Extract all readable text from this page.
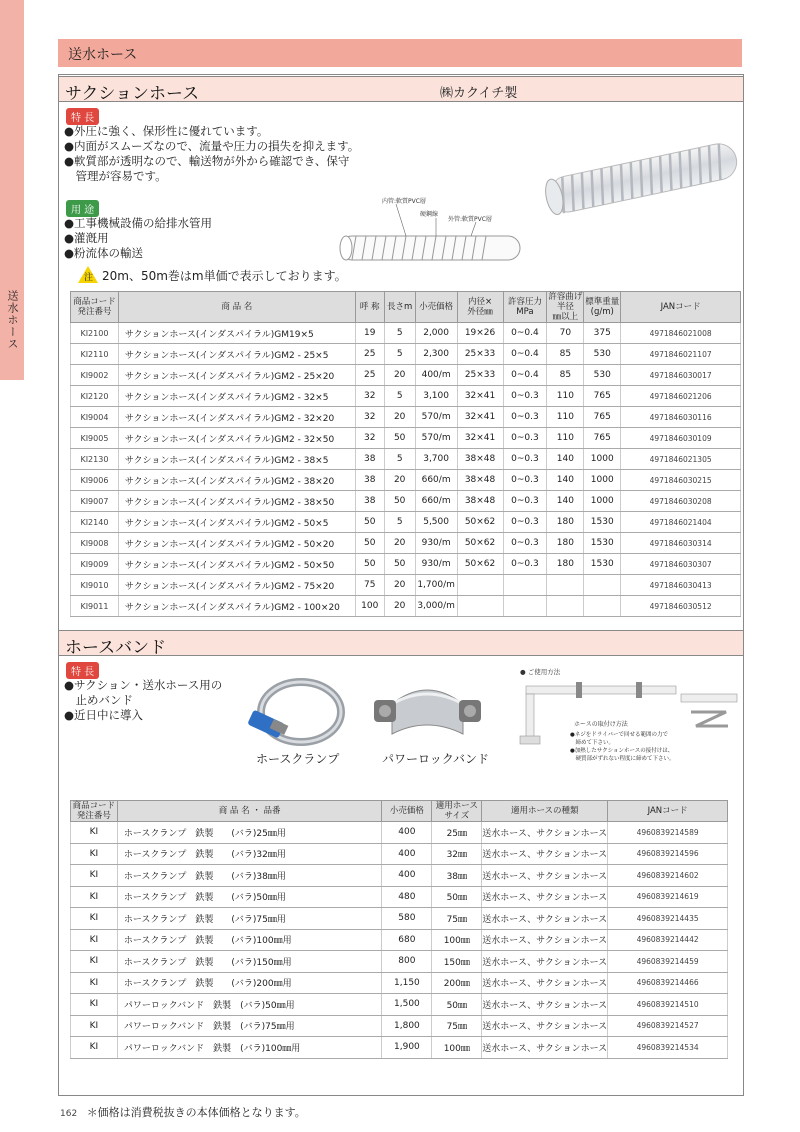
送水ホース
送水ホース
サクションホース	㈱カクイチ製
特 長
●外圧に強く、保形性に優れています。
●内面がスムーズなので、流量や圧力の損失を抑えます。
●軟質部が透明なので、輸送物が外から確認でき、保守
　管理が容易です。
用 途
●工事機械設備の給排水管用
●灌漑用
●粉流体の輸送
注 20m、50m巻はm単価で表示しております。
内管:軟質PVC層
硬鋼線
外管:軟質PVC層
商品コード
発注番号	商 品 名	呼 称	長さm	小売価格	内径×
外径㎜	許容圧力
MPa	許容曲げ半径
㎜以上	標準重量
(g/m)	JANコード
KI2100	サクションホース(インダスパイラル)GM19×5	19	5	2,000	19×26	0~0.4	70	375	4971846021008
KI2110	サクションホース(インダスパイラル)GM2 - 25×5	25	5	2,300	25×33	0~0.4	85	530	4971846021107
KI9002	サクションホース(インダスパイラル)GM2 - 25×20	25	20	400/m	25×33	0~0.4	85	530	4971846030017
KI2120	サクションホース(インダスパイラル)GM2 - 32×5	32	5	3,100	32×41	0~0.3	110	765	4971846021206
KI9004	サクションホース(インダスパイラル)GM2 - 32×20	32	20	570/m	32×41	0~0.3	110	765	4971846030116
KI9005	サクションホース(インダスパイラル)GM2 - 32×50	32	50	570/m	32×41	0~0.3	110	765	4971846030109
KI2130	サクションホース(インダスパイラル)GM2 - 38×5	38	5	3,700	38×48	0~0.3	140	1000	4971846021305
KI9006	サクションホース(インダスパイラル)GM2 - 38×20	38	20	660/m	38×48	0~0.3	140	1000	4971846030215
KI9007	サクションホース(インダスパイラル)GM2 - 38×50	38	50	660/m	38×48	0~0.3	140	1000	4971846030208
KI2140	サクションホース(インダスパイラル)GM2 - 50×5	50	5	5,500	50×62	0~0.3	180	1530	4971846021404
KI9008	サクションホース(インダスパイラル)GM2 - 50×20	50	20	930/m	50×62	0~0.3	180	1530	4971846030314
KI9009	サクションホース(インダスパイラル)GM2 - 50×50	50	50	930/m	50×62	0~0.3	180	1530	4971846030307
KI9010	サクションホース(インダスパイラル)GM2 - 75×20	75	20	1,700/m					4971846030413
KI9011	サクションホース(インダスパイラル)GM2 - 100×20	100	20	3,000/m					4971846030512
ホースバンド
特 長
●サクション・送水ホース用の
　止めバンド
●近日中に導入
ホースクランプ	パワーロックバンド
● ご使用方法
ホースの取付け方法
●ネジをドライバーで回せる範囲の力で
　締めて下さい。
●加熱したサクションホースの接付けは、
　硬質部がずれない程度に締めて下さい。
商品コード
発注番号	商 品 名 ・ 品番	小売価格	適用ホース
サイズ	適用ホースの種類	JANコード
KI	ホースクランプ　鉄製　　(バラ)25㎜用	400	25㎜	送水ホース、サクションホース	4960839214589
KI	ホースクランプ　鉄製　　(バラ)32㎜用	400	32㎜	送水ホース、サクションホース	4960839214596
KI	ホースクランプ　鉄製　　(バラ)38㎜用	400	38㎜	送水ホース、サクションホース	4960839214602
KI	ホースクランプ　鉄製　　(バラ)50㎜用	480	50㎜	送水ホース、サクションホース	4960839214619
KI	ホースクランプ　鉄製　　(バラ)75㎜用	580	75㎜	送水ホース、サクションホース	4960839214435
KI	ホースクランプ　鉄製　　(バラ)100㎜用	680	100㎜	送水ホース、サクションホース	4960839214442
KI	ホースクランプ　鉄製　　(バラ)150㎜用	800	150㎜	送水ホース、サクションホース	4960839214459
KI	ホースクランプ　鉄製　　(バラ)200㎜用	1,150	200㎜	送水ホース、サクションホース	4960839214466
KI	パワーロックバンド　鉄製　(バラ)50㎜用	1,500	50㎜	送水ホース、サクションホース	4960839214510
KI	パワーロックバンド　鉄製　(バラ)75㎜用	1,800	75㎜	送水ホース、サクションホース	4960839214527
KI	パワーロックバンド　鉄製　(バラ)100㎜用	1,900	100㎜	送水ホース、サクションホース	4960839214534
162 ＊価格は消費税抜きの本体価格となります。
